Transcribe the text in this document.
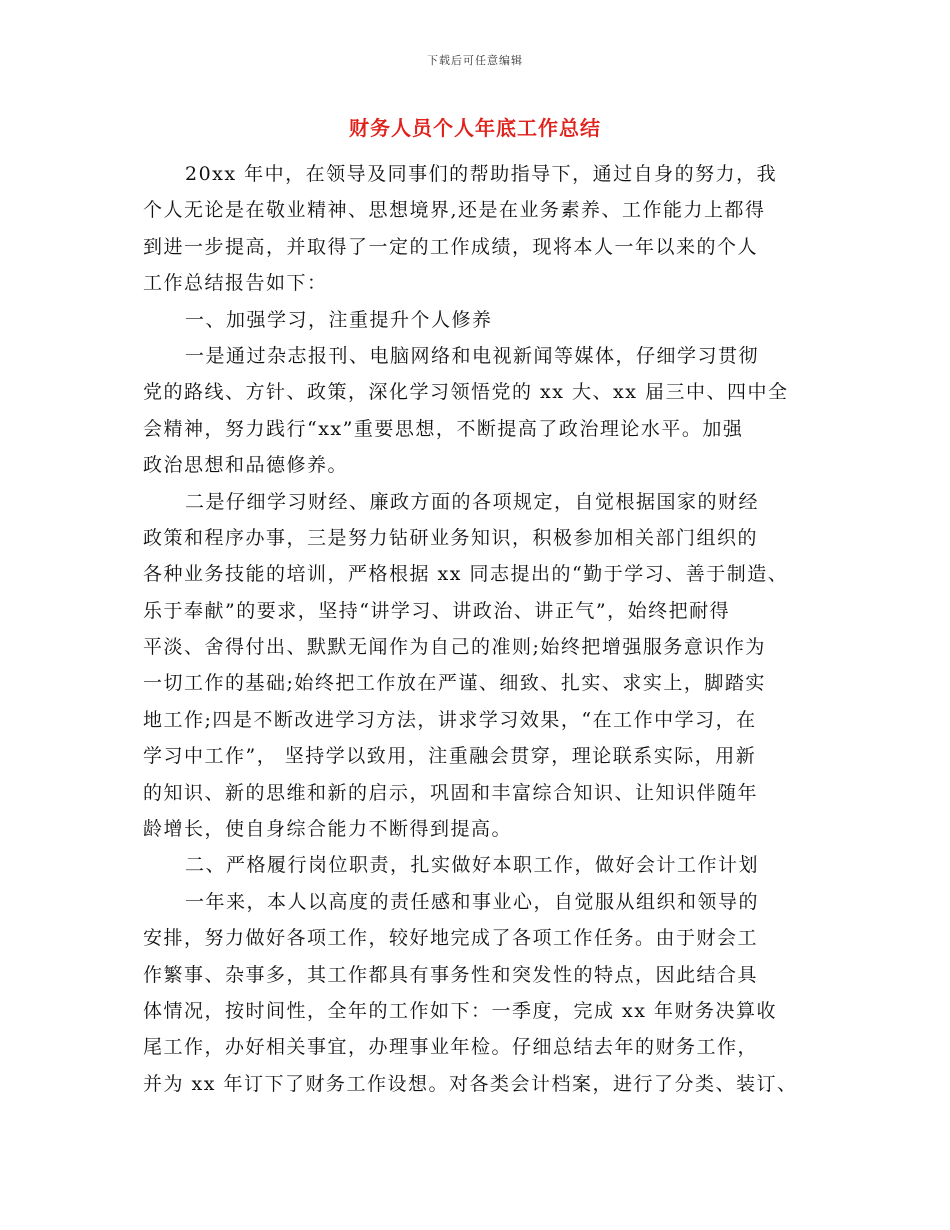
下载后可任意编辑
财务人员个人年底工作总结
20xx 年中，在领导及同事们的帮助指导下，通过自身的努力，我
个人无论是在敬业精神、思想境界,还是在业务素养、工作能力上都得
到进一步提高，并取得了一定的工作成绩，现将本人一年以来的个人
工作总结报告如下：
一、加强学习，注重提升个人修养
一是通过杂志报刊、电脑网络和电视新闻等媒体，仔细学习贯彻
党的路线、方针、政策，深化学习领悟党的 xx 大、xx 届三中、四中全
会精神，努力践行“xx”重要思想，不断提高了政治理论水平。加强
政治思想和品德修养。
二是仔细学习财经、廉政方面的各项规定，自觉根据国家的财经
政策和程序办事，三是努力钻研业务知识，积极参加相关部门组织的
各种业务技能的培训，严格根据 xx 同志提出的“勤于学习、善于制造、
乐于奉献”的要求，坚持“讲学习、讲政治、讲正气”，始终把耐得
平淡、舍得付出、默默无闻作为自己的准则;始终把增强服务意识作为
一切工作的基础;始终把工作放在严谨、细致、扎实、求实上，脚踏实
地工作;四是不断改进学习方法，讲求学习效果，“在工作中学习，在
学习中工作”， 坚持学以致用，注重融会贯穿，理论联系实际，用新
的知识、新的思维和新的启示，巩固和丰富综合知识、让知识伴随年
龄增长，使自身综合能力不断得到提高。
二、严格履行岗位职责，扎实做好本职工作，做好会计工作计划
一年来，本人以高度的责任感和事业心，自觉服从组织和领导的
安排，努力做好各项工作，较好地完成了各项工作任务。由于财会工
作繁事、杂事多，其工作都具有事务性和突发性的特点，因此结合具
体情况，按时间性，全年的工作如下：一季度，完成 xx 年财务决算收
尾工作，办好相关事宜，办理事业年检。仔细总结去年的财务工作，
并为 xx 年订下了财务工作设想。对各类会计档案，进行了分类、装订、
